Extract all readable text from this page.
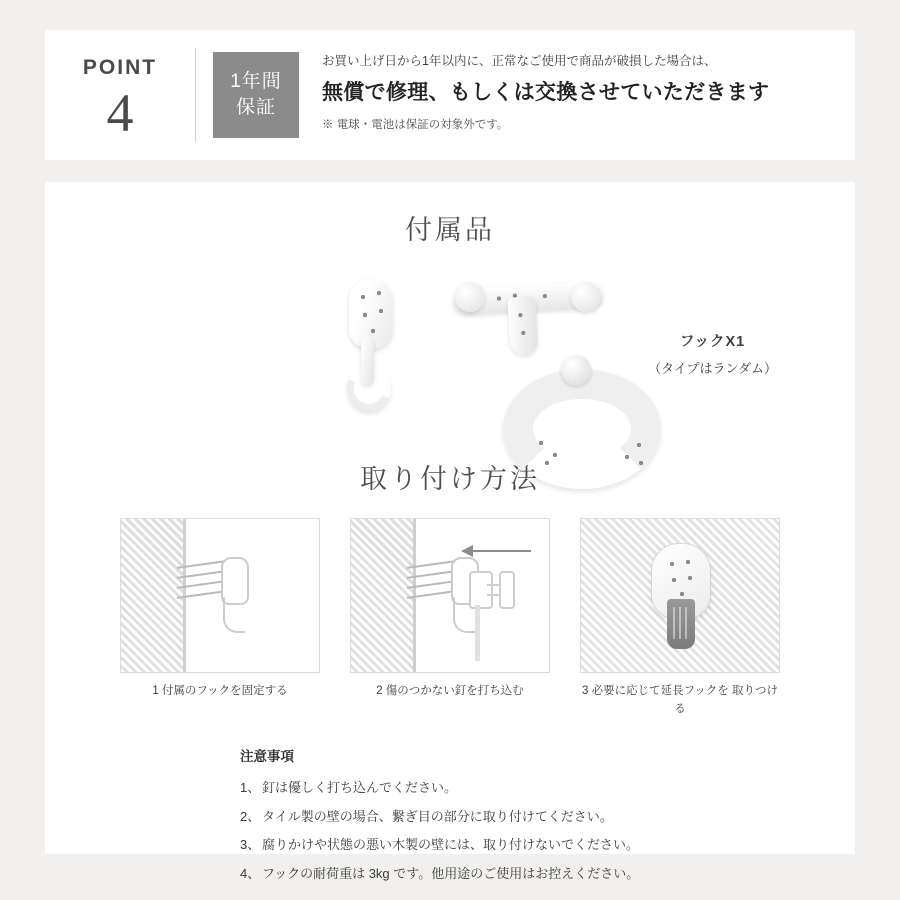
POINT
4
1年間
保証
お買い上げ日から1年以内に、正常なご使用で商品が破損した場合は、
無償で修理、もしくは交換させていただきます
※ 電球・電池は保証の対象外です。
付属品
フックX1
（タイプはランダム）
取り付け方法
1 付属のフックを固定する	2 傷のつかない釘を打ち込む	3 必要に応じて延長フックを 取りつける
注意事項
1、 釘は優しく打ち込んでください。
2、 タイル製の壁の場合、繋ぎ目の部分に取り付けてください。
3、 腐りかけや状態の悪い木製の壁には、取り付けないでください。
4、 フックの耐荷重は 3kg です。他用途のご使用はお控えください。
